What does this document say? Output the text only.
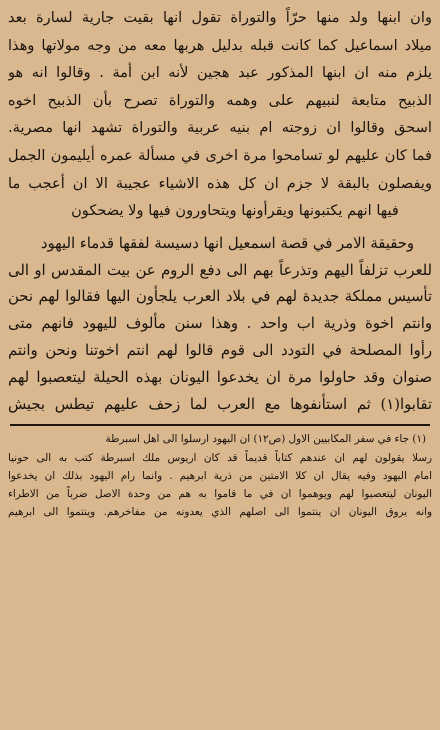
وان ابنها ولد منها حرّاً والتوراة تقول انها بقيت جارية لسارة بعد
ميلاد اسماعيل كما كانت قبله بدليل هربها معه من وجه مولاتها وهذا
يلزم منه ان ابنها المذكور عبد هجين لأنه ابن أمة . وقالوا انه هو
الذبيح متابعة لنبيهم على وهمه والتوراة تصرح بأن الذبيح اخوه
اسحق وقالوا ان زوجته ام بنيه عربية والتوراة تشهد انها مصرية.
فما كان عليهم لو تسامحوا مرة اخرى في مسألة عمره أيليمون الجمل
ويفصلون بالبقة لا جزم ان كل هذه الاشياء عجيبة الا ان أعجب ما
فيها انهم يكتبونها ويقرأونها ويتحاورون فيها ولا يضحكون
وحقيقة الامر في قصة اسمعيل انها دسيسة لفقها قدماء اليهود
للعرب تزلفاً اليهم وتذرعاً بهم الى دفع الروم عن بيت المقدس او الى
تأسيس مملكة جديدة لهم في بلاد العرب يلجأون اليها فقالوا لهم نحن
وانتم اخوة وذرية اب واحد . وهذا سنن مألوف لليهود فانهم متى
رأوا المصلحة في التودد الى قوم قالوا لهم انتم اخوتنا ونحن وانتم
صنوان وقد حاولوا مرة ان يخدعوا اليونان بهذه الحيلة ليتعصبوا لهم
تقابوا(١) ثم استأنفوها مع العرب لما زحف عليهم تيطس بجيش
(١) جاء في سفر المكابيين الاول (ص١٢) ان اليهود ارسلوا الى اهل اسبرطة
رسلا يقولون لهم ان عندهم كتاباً قديماً قد كان اريوس ملك اسبرطة كتب به الى حونيا
امام اليهود وفيه يقال ان كلا الامتين من ذرية ابرهيم . وانما رام اليهود بذلك ان يخدعوا
اليونان ليتعصبوا لهم ويوهموا ان في ما قاموا به هم من وحدة الاصل ضرباً من الاطراء
وانه يروق اليونان ان ينتموا الى اصلهم الذي يعدونه من مفاخرهم. وينتموا الى ابرهيم
